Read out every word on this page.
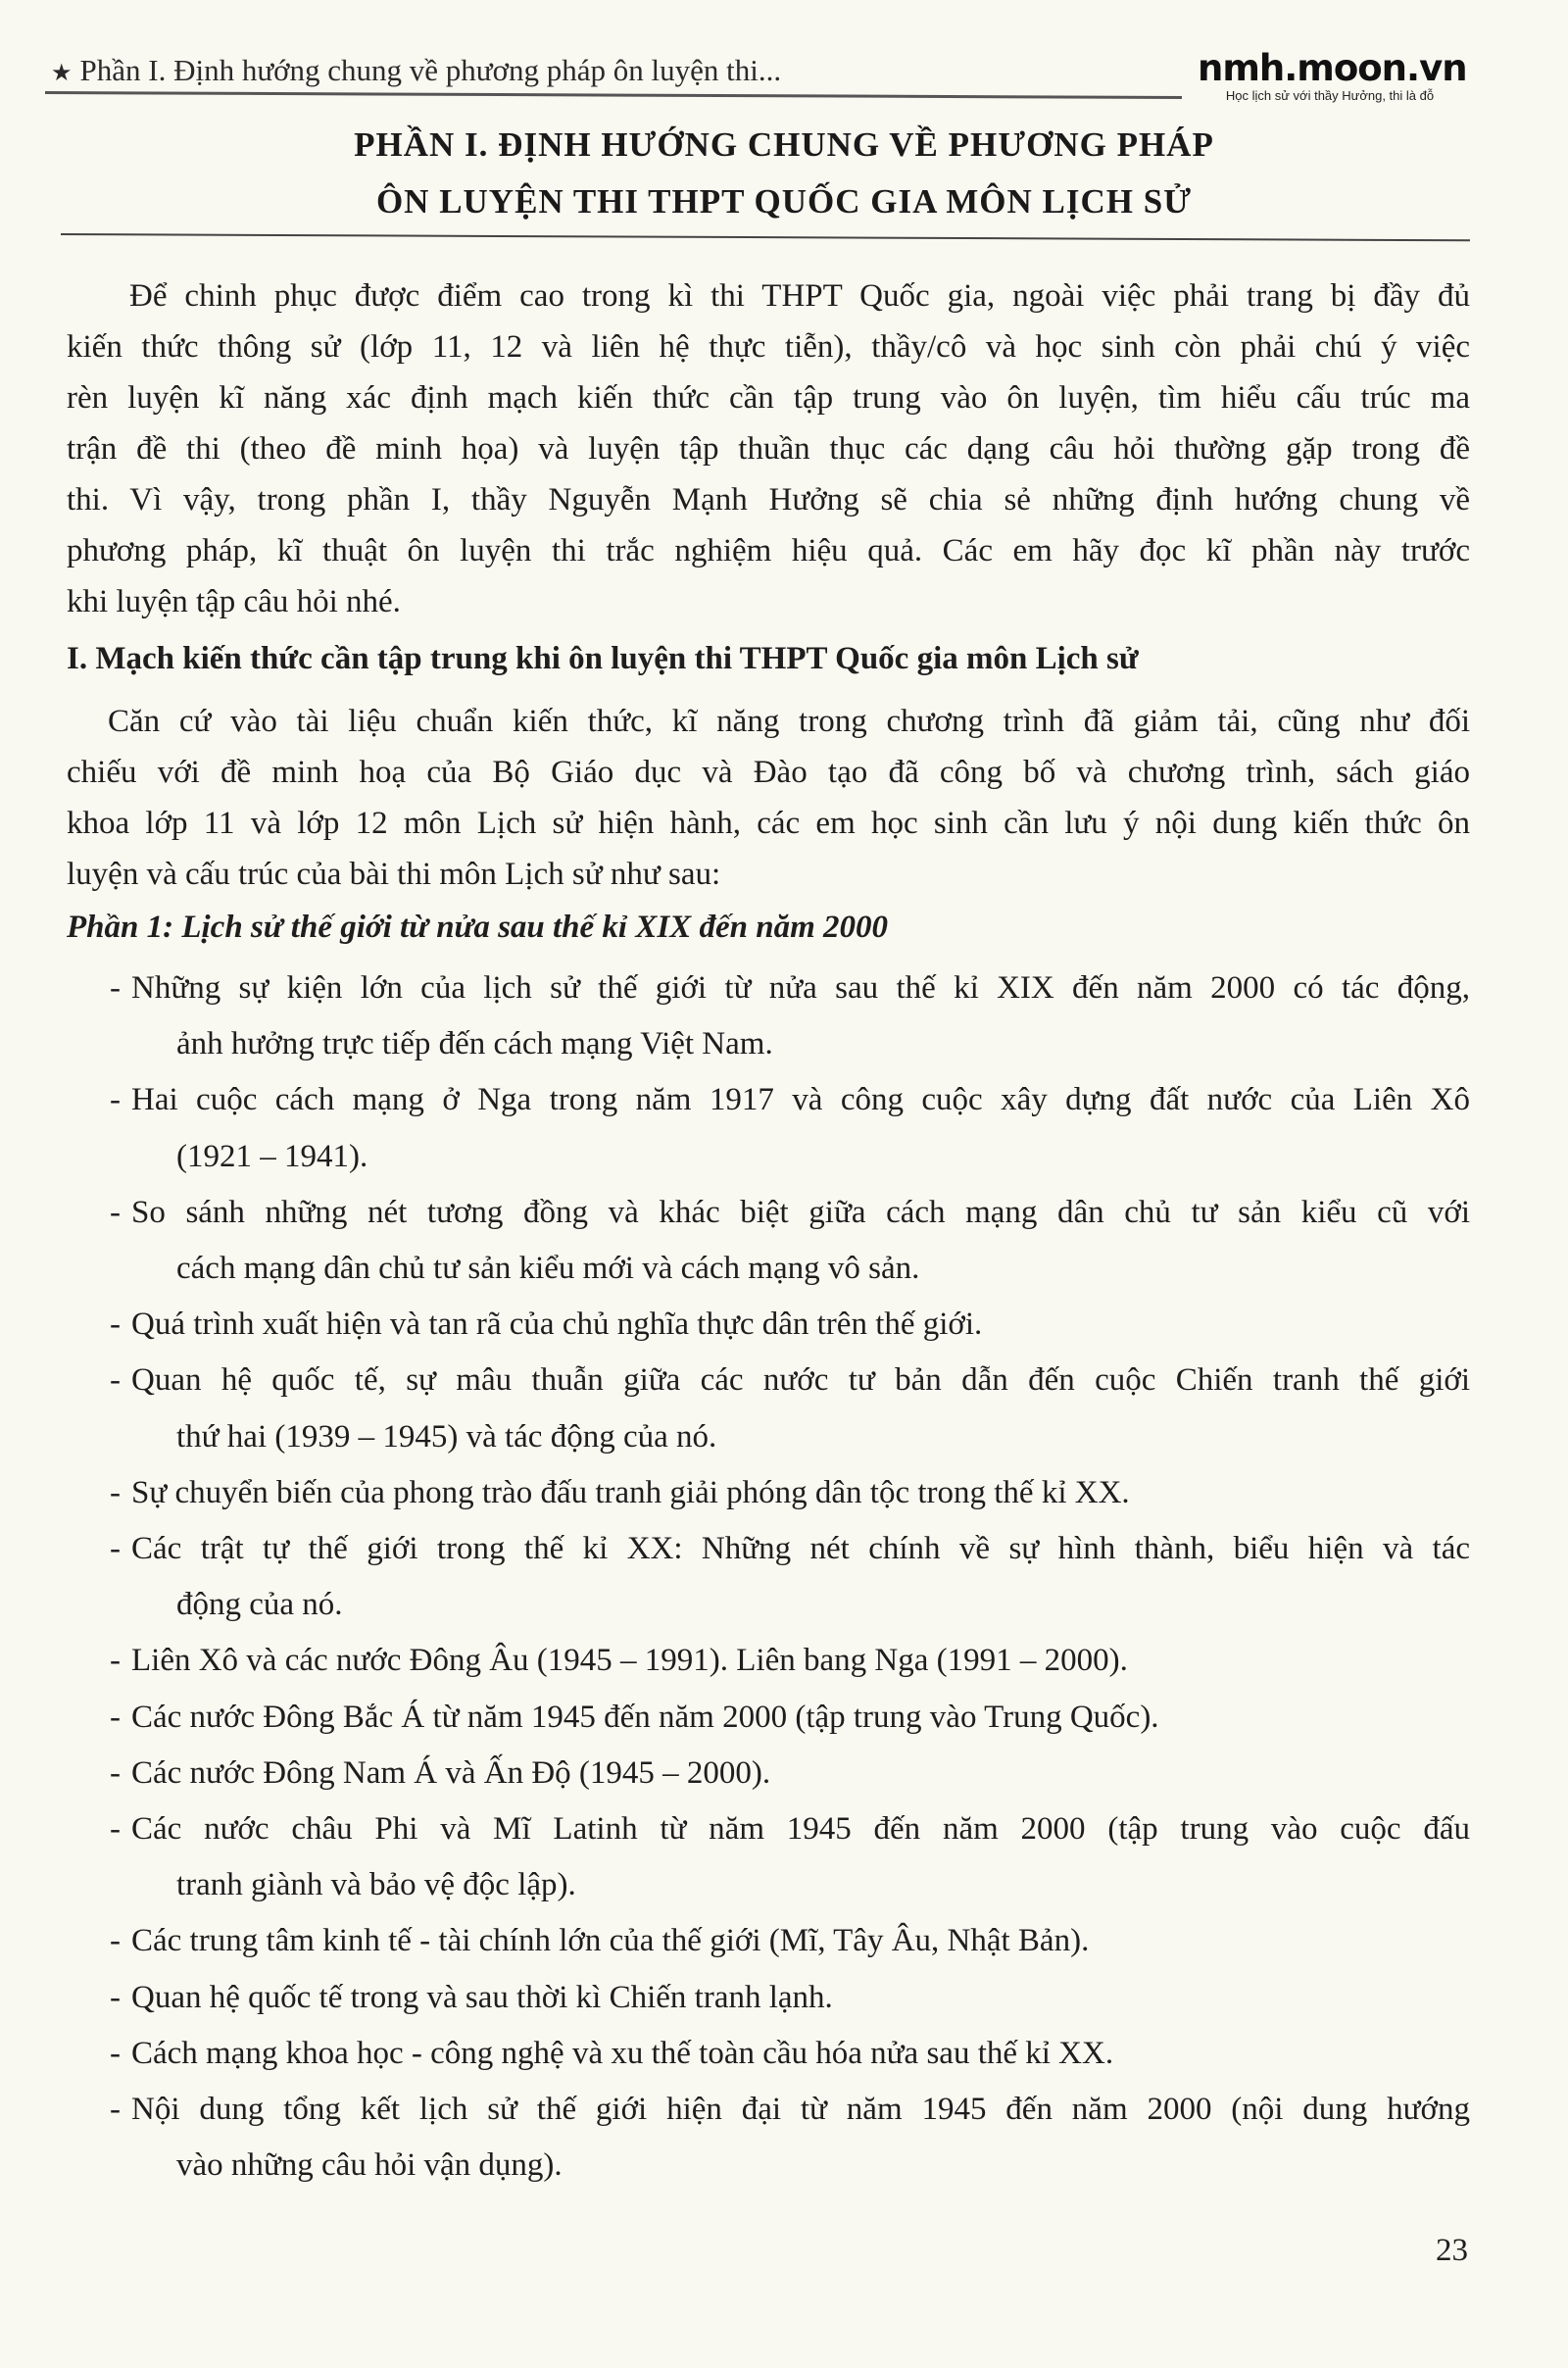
★ Phần I. Định hướng chung về phương pháp ôn luyện thi...	nmh.moon.vn
Học lịch sử với thầy Hưởng, thi là đỗ
PHẦN I. ĐỊNH HƯỚNG CHUNG VỀ PHƯƠNG PHÁP
ÔN LUYỆN THI THPT QUỐC GIA MÔN LỊCH SỬ
Để chinh phục được điểm cao trong kì thi THPT Quốc gia, ngoài việc phải trang bị đầy đủ
kiến thức thông sử (lớp 11, 12 và liên hệ thực tiễn), thầy/cô và học sinh còn phải chú ý việc
rèn luyện kĩ năng xác định mạch kiến thức cần tập trung vào ôn luyện, tìm hiểu cấu trúc ma
trận đề thi (theo đề minh họa) và luyện tập thuần thục các dạng câu hỏi thường gặp trong đề
thi. Vì vậy, trong phần I, thầy Nguyễn Mạnh Hưởng sẽ chia sẻ những định hướng chung về
phương pháp, kĩ thuật ôn luyện thi trắc nghiệm hiệu quả. Các em hãy đọc kĩ phần này trước
khi luyện tập câu hỏi nhé.
I. Mạch kiến thức cần tập trung khi ôn luyện thi THPT Quốc gia môn Lịch sử
Căn cứ vào tài liệu chuẩn kiến thức, kĩ năng trong chương trình đã giảm tải, cũng như đối
chiếu với đề minh hoạ của Bộ Giáo dục và Đào tạo đã công bố và chương trình, sách giáo
khoa lớp 11 và lớp 12 môn Lịch sử hiện hành, các em học sinh cần lưu ý nội dung kiến thức ôn
luyện và cấu trúc của bài thi môn Lịch sử như sau:
Phần 1: Lịch sử thế giới từ nửa sau thế kỉ XIX đến năm 2000
- Những sự kiện lớn của lịch sử thế giới từ nửa sau thế kỉ XIX đến năm 2000 có tác động,
ảnh hưởng trực tiếp đến cách mạng Việt Nam.
- Hai cuộc cách mạng ở Nga trong năm 1917 và công cuộc xây dựng đất nước của Liên Xô
(1921 – 1941).
- So sánh những nét tương đồng và khác biệt giữa cách mạng dân chủ tư sản kiểu cũ với
cách mạng dân chủ tư sản kiểu mới và cách mạng vô sản.
- Quá trình xuất hiện và tan rã của chủ nghĩa thực dân trên thế giới.
- Quan hệ quốc tế, sự mâu thuẫn giữa các nước tư bản dẫn đến cuộc Chiến tranh thế giới
thứ hai (1939 – 1945) và tác động của nó.
- Sự chuyển biến của phong trào đấu tranh giải phóng dân tộc trong thế kỉ XX.
- Các trật tự thế giới trong thế kỉ XX: Những nét chính về sự hình thành, biểu hiện và tác
động của nó.
- Liên Xô và các nước Đông Âu (1945 – 1991). Liên bang Nga (1991 – 2000).
- Các nước Đông Bắc Á từ năm 1945 đến năm 2000 (tập trung vào Trung Quốc).
- Các nước Đông Nam Á và Ấn Độ (1945 – 2000).
- Các nước châu Phi và Mĩ Latinh từ năm 1945 đến năm 2000 (tập trung vào cuộc đấu
tranh giành và bảo vệ độc lập).
- Các trung tâm kinh tế - tài chính lớn của thế giới (Mĩ, Tây Âu, Nhật Bản).
- Quan hệ quốc tế trong và sau thời kì Chiến tranh lạnh.
- Cách mạng khoa học - công nghệ và xu thế toàn cầu hóa nửa sau thế kỉ XX.
- Nội dung tổng kết lịch sử thế giới hiện đại từ năm 1945 đến năm 2000 (nội dung hướng
vào những câu hỏi vận dụng).
23
